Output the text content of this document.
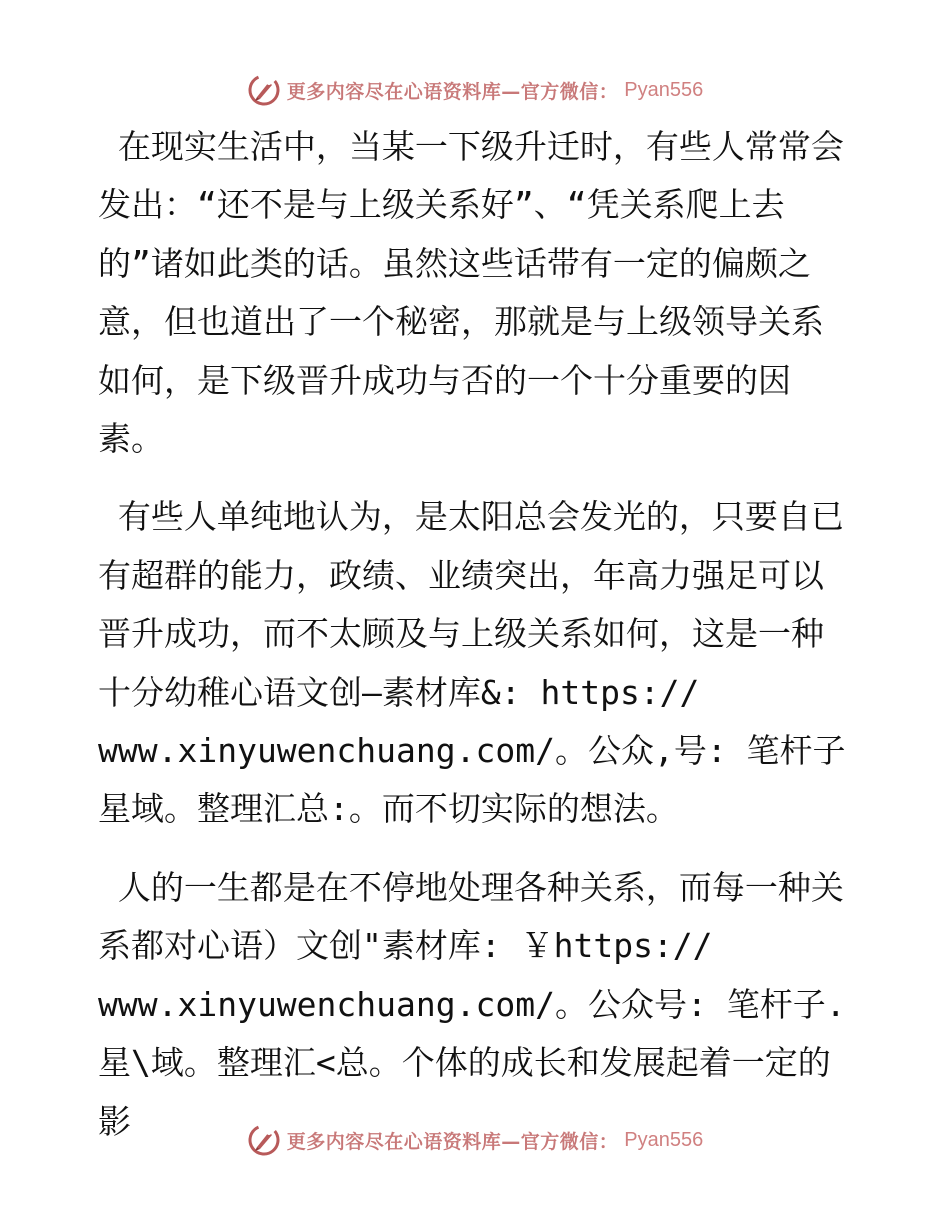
更多内容尽在心语资料库—官方微信： Pyan556

在现实生活中，当某一下级升迁时，有些人常常会发出：“还不是与上级关系好”、“凭关系爬上去的”诸如此类的话。虽然这些话带有一定的偏颇之意，但也道出了一个秘密，那就是与上级领导关系如何，是下级晋升成功与否的一个十分重要的因素。

有些人单纯地认为，是太阳总会发光的，只要自已有超群的能力，政绩、业绩突出，年高力强足可以晋升成功，而不太顾及与上级关系如何，这是一种十分幼稚心语文创—素材库&: https://
www.xinyuwenchuang.com/。公众,号: 笔杆子星域。整理汇总:。而不切实际的想法。

人的一生都是在不停地处理各种关系，而每一种关系都对心语）文创"素材库: ￥https://
www.xinyuwenchuang.com/。公众号: 笔杆子.星\域。整理汇<总。个体的成长和发展起着一定的影

更多内容尽在心语资料库—官方微信： Pyan556
